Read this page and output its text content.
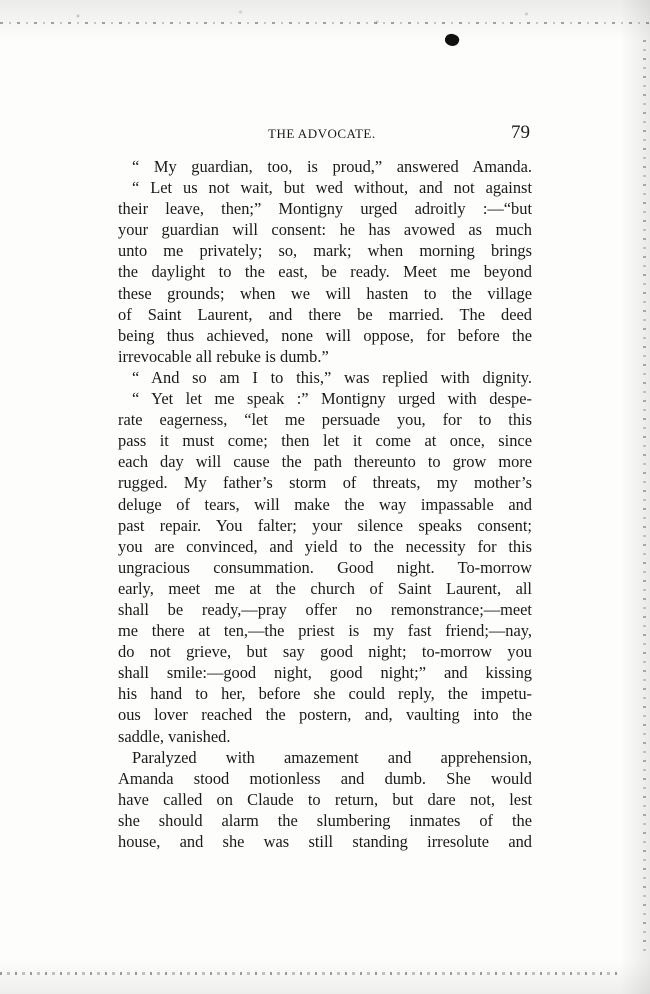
THE ADVOCATE.	79

“ My guardian, too, is proud,” answered Amanda.

“ Let us not wait, but wed without, and not against

their leave, then;” Montigny urged adroitly :—“but

your guardian will consent: he has avowed as much

unto me privately; so, mark; when morning brings

the daylight to the east, be ready. Meet me beyond

these grounds; when we will hasten to the village

of Saint Laurent, and there be married. The deed

being thus achieved, none will oppose, for before the

irrevocable all rebuke is dumb.”

“ And so am I to this,” was replied with dignity.

“ Yet let me speak :” Montigny urged with despe-

rate eagerness, “let me persuade you, for to this

pass it must come; then let it come at once, since

each day will cause the path thereunto to grow more

rugged. My father’s storm of threats, my mother’s

deluge of tears, will make the way impassable and

past repair. You falter; your silence speaks consent;

you are convinced, and yield to the necessity for this

ungracious consummation. Good night. To-morrow

early, meet me at the church of Saint Laurent, all

shall be ready,—pray offer no remonstrance;—meet

me there at ten,—the priest is my fast friend;—nay,

do not grieve, but say good night; to-morrow you

shall smile:—good night, good night;” and kissing

his hand to her, before she could reply, the impetu-

ous lover reached the postern, and, vaulting into the

saddle, vanished.

Paralyzed with amazement and apprehension,

Amanda stood motionless and dumb. She would

have called on Claude to return, but dare not, lest

she should alarm the slumbering inmates of the

house, and she was still standing irresolute and
